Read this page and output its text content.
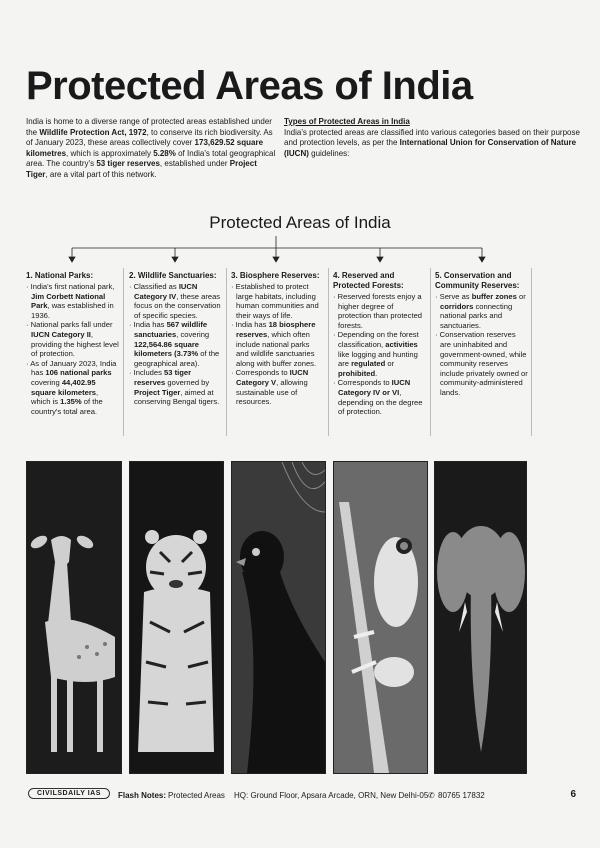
Protected Areas of India
India is home to a diverse range of protected areas established under the Wildlife Protection Act, 1972, to conserve its rich biodiversity. As of January 2023, these areas collectively cover 173,629.52 square kilometres, which is approximately 5.28% of India's total geographical area. The country's 53 tiger reserves, established under Project Tiger, are a vital part of this network.
Types of Protected Areas in India
India's protected areas are classified into various categories based on their purpose and protection levels, as per the International Union for Conservation of Nature (IUCN) guidelines:
Protected Areas of India
1. National Parks:

· India's first national park, Jim Corbett National Park, was established in 1936.

· National parks fall under IUCN Category II, providing the highest level of protection.

· As of January 2023, India has 106 national parks covering 44,402.95 square kilometers, which is 1.35% of the country's total area.

2. Wildlife Sanctuaries:

· Classified as IUCN Category IV, these areas focus on the conservation of specific species.

· India has 567 wildlife sanctuaries, covering 122,564.86 square kilometers (3.73% of the geographical area).

· Includes 53 tiger reserves governed by Project Tiger, aimed at conserving Bengal tigers.

3. Biosphere Reserves:

· Established to protect large habitats, including human communities and their ways of life.

· India has 18 biosphere reserves, which often include national parks and wildlife sanctuaries along with buffer zones.

· Corresponds to IUCN Category V, allowing sustainable use of resources.

4. Reserved and Protected Forests:

· Reserved forests enjoy a higher degree of protection than protected forests.

· Depending on the forest classification, activities like logging and hunting are regulated or prohibited.

· Corresponds to IUCN Category IV or VI, depending on the degree of protection.

5. Conservation and Community Reserves:

· Serve as buffer zones or corridors connecting national parks and sanctuaries.

· Conservation reserves are uninhabited and government-owned, while community reserves include privately owned or community-administered lands.

CIVILSDAILY IAS	Flash Notes: Protected Areas HQ: Ground Floor, Apsara Arcade, ORN, New Delhi-05 ✆ 80765 17832	6
